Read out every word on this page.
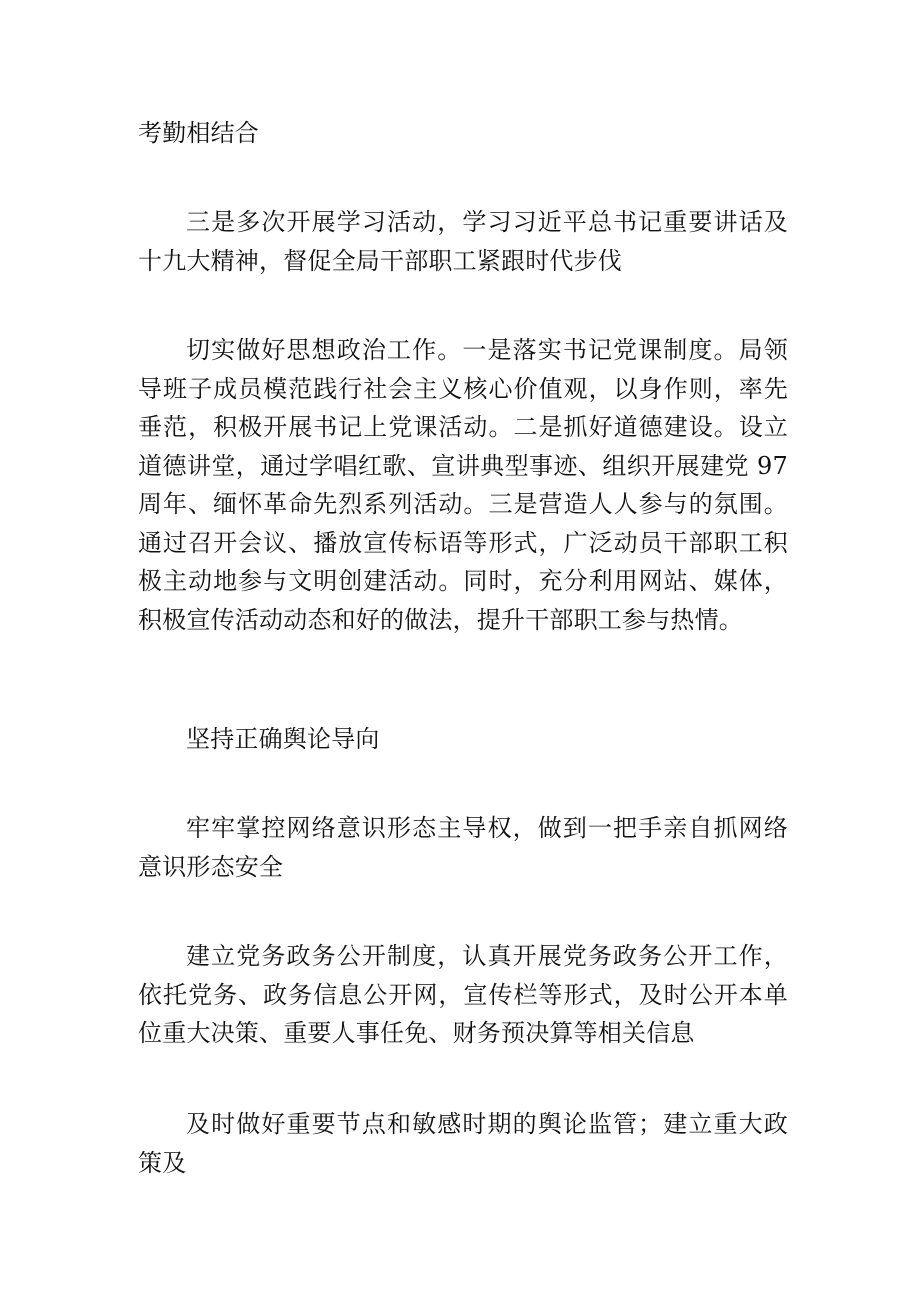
考勤相结合

三是多次开展学习活动，学习习近平总书记重要讲话及十九大精神，督促全局干部职工紧跟时代步伐

切实做好思想政治工作。一是落实书记党课制度。局领导班子成员模范践行社会主义核心价值观，以身作则，率先垂范，积极开展书记上党课活动。二是抓好道德建设。设立道德讲堂，通过学唱红歌、宣讲典型事迹、组织开展建党 97 周年、缅怀革命先烈系列活动。三是营造人人参与的氛围。通过召开会议、播放宣传标语等形式，广泛动员干部职工积极主动地参与文明创建活动。同时，充分利用网站、媒体，积极宣传活动动态和好的做法，提升干部职工参与热情。

坚持正确舆论导向

牢牢掌控网络意识形态主导权，做到一把手亲自抓网络意识形态安全

建立党务政务公开制度，认真开展党务政务公开工作，依托党务、政务信息公开网，宣传栏等形式，及时公开本单位重大决策、重要人事任免、财务预决算等相关信息

及时做好重要节点和敏感时期的舆论监管；建立重大政策及
